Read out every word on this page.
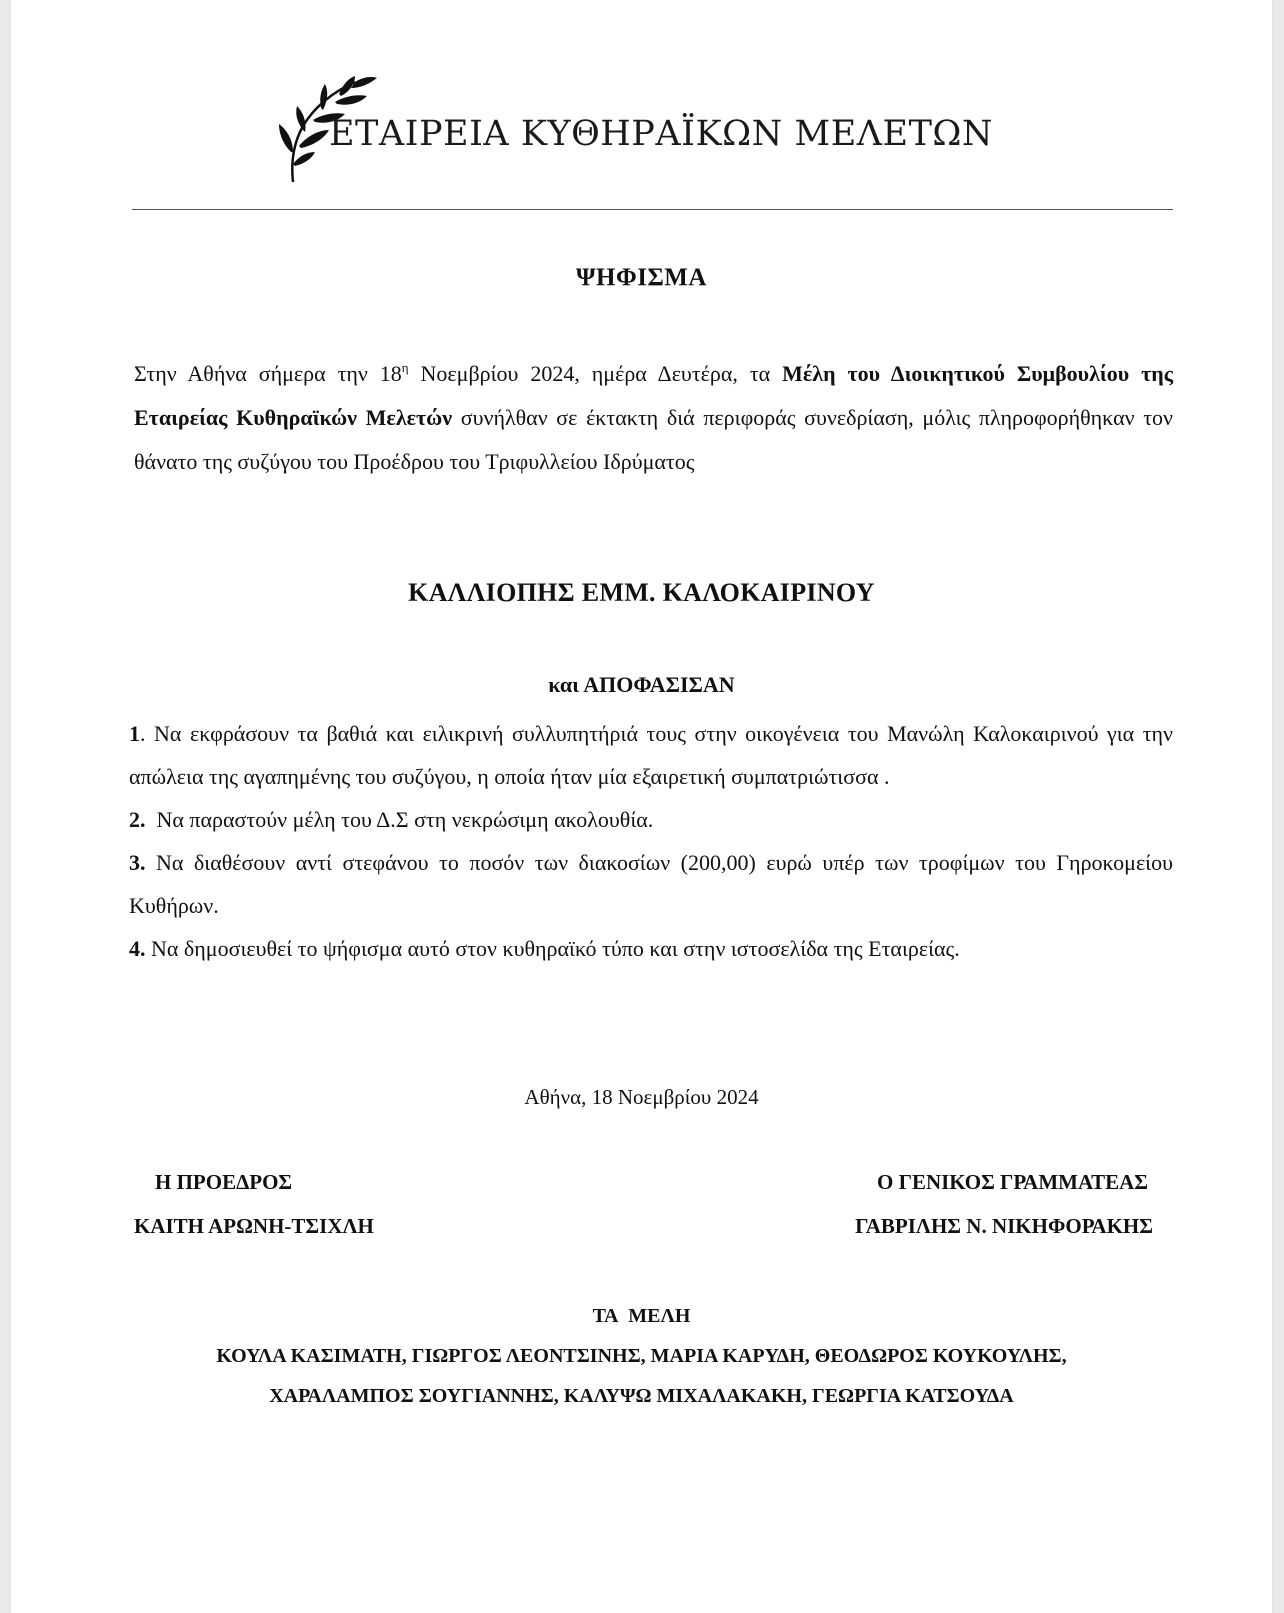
ΕΤΑΙΡΕΙΑ ΚΥΘΗΡΑΪΚΩΝ ΜΕΛΕΤΩΝ
ΨΗΦΙΣΜΑ
Στην Αθήνα σήμερα την $18^\eta$ Νοεμβρίου 2024, ημέρα Δευτέρα, τα Μέλη του Διοικητικού Συμβουλίου της Εταιρείας Κυθηραϊκών Μελετών συνήλθαν σε έκτακτη διά περιφοράς συνεδρίαση, μόλις πληροφορήθηκαν τον θάνατο της συζύγου του Προέδρου του Τριφυλλείου Ιδρύματος
ΚΑΛΛΙΟΠΗΣ ΕΜΜ. ΚΑΛΟΚΑΙΡΙΝΟΥ
και ΑΠΟΦΑΣΙΣΑΝ
1. Να εκφράσουν τα βαθιά και ειλικρινή συλλυπητήριά τους στην οικογένεια του Μανώλη Καλοκαιρινού για την απώλεια της αγαπημένης του συζύγου, η οποία ήταν μία εξαιρετική συμπατριώτισσα .
2.  Να παραστούν μέλη του Δ.Σ στη νεκρώσιμη ακολουθία.
3. Να διαθέσουν αντί στεφάνου το ποσόν των διακοσίων (200,00) ευρώ υπέρ των τροφίμων του Γηροκομείου Κυθήρων.
4. Να δημοσιευθεί το ψήφισμα αυτό στον κυθηραϊκό τύπο και στην ιστοσελίδα της Εταιρείας.
Αθήνα, 18 Νοεμβρίου 2024
Η ΠΡΟΕΔΡΟΣ
ΚΑΙΤΗ ΑΡΩΝΗ-ΤΣΙΧΛΗ
Ο ΓΕΝΙΚΟΣ ΓΡΑΜΜΑΤΕΑΣ
ΓΑΒΡΙΛΗΣ Ν. ΝΙΚΗΦΟΡΑΚΗΣ
ΤΑ ΜΕΛΗ
ΚΟΥΛΑ ΚΑΣΙΜΑΤΗ, ΓΙΩΡΓΟΣ ΛΕΟΝΤΣΙΝΗΣ, ΜΑΡΙΑ ΚΑΡΥΔΗ, ΘΕΟΔΩΡΟΣ ΚΟΥΚΟΥΛΗΣ,
ΧΑΡΑΛΑΜΠΟΣ ΣΟΥΓΙΑΝΝΗΣ, ΚΑΛΥΨΩ ΜΙΧΑΛΑΚΑΚΗ, ΓΕΩΡΓΙΑ ΚΑΤΣΟΥΔΑ
